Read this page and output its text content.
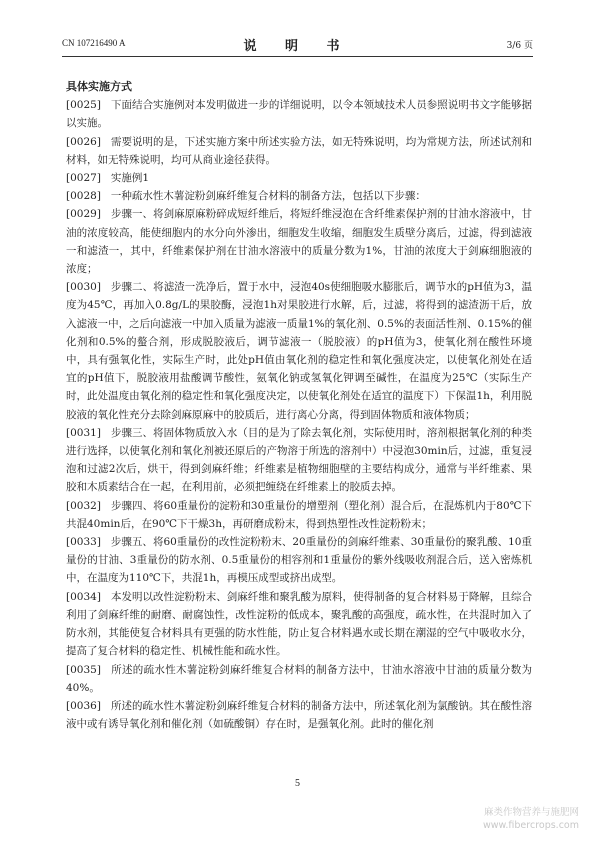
CN 107216490 A	说 明 书	3/6 页

具体实施方式

[0025] 下面结合实施例对本发明做进一步的详细说明，以令本领域技术人员参照说明书文字能够据以实施。

[0026] 需要说明的是，下述实施方案中所述实验方法，如无特殊说明，均为常规方法，所述试剂和材料，如无特殊说明，均可从商业途径获得。

[0027] 实施例1

[0028] 一种疏水性木薯淀粉剑麻纤维复合材料的制备方法，包括以下步骤：

[0029] 步骤一、将剑麻原麻粉碎成短纤维后，将短纤维浸泡在含纤维素保护剂的甘油水溶液中，甘油的浓度较高，能使细胞内的水分向外渗出，细胞发生收缩，细胞发生质壁分离后，过滤，得到滤液一和滤渣一，其中，纤维素保护剂在甘油水溶液中的质量分数为1%，甘油的浓度大于剑麻细胞液的浓度；

[0030] 步骤二、将滤渣一洗净后，置于水中，浸泡40s使细胞吸水膨胀后，调节水的pH值为3，温度为45℃，再加入0.8g/L的果胶酶，浸泡1h对果胶进行水解，后，过滤，将得到的滤渣沥干后，放入滤液一中，之后向滤液一中加入质量为滤液一质量1%的氧化剂、0.5%的表面活性剂、0.15%的催化剂和0.5%的螯合剂，形成脱胶液后，调节滤液一（脱胶液）的pH值为3，使氧化剂在酸性环境中，具有强氧化性，实际生产时，此处pH值由氧化剂的稳定性和氧化强度决定，以使氧化剂处在适宜的pH值下，脱胶液用盐酸调节酸性，氨氧化钠或氢氧化钾调至碱性，在温度为25℃（实际生产时，此处温度由氧化剂的稳定性和氧化强度决定，以使氧化剂处在适宜的温度下）下保温1h，利用脱胶液的氧化性充分去除剑麻原麻中的胶质后，进行离心分离，得到固体物质和液体物质；

[0031] 步骤三、将固体物质放入水（目的是为了除去氧化剂，实际使用时，溶剂根据氧化剂的种类进行选择，以使氧化剂和氧化剂被还原后的产物溶于所选的溶剂中）中浸泡30min后，过滤，重复浸泡和过滤2次后，烘干，得到剑麻纤维；纤维素是植物细胞壁的主要结构成分，通常与半纤维素、果胶和木质素结合在一起，在利用前，必须把缠绕在纤维素上的胶质去掉。

[0032] 步骤四、将60重量份的淀粉和30重量份的增塑剂（塑化剂）混合后，在混炼机内于80℃下共混40min后，在90℃下干燥3h，再研磨成粉末，得到热塑性改性淀粉粉末；

[0033] 步骤五、将60重量份的改性淀粉粉末、20重量份的剑麻纤维素、30重量份的聚乳酸、10重量份的甘油、3重量份的防水剂、0.5重量份的相容剂和1重量份的紫外线吸收剂混合后，送入密炼机中，在温度为110℃下，共混1h，再模压成型或挤出成型。

[0034] 本发明以改性淀粉粉末、剑麻纤维和聚乳酸为原料，使得制备的复合材料易于降解，且综合利用了剑麻纤维的耐磨、耐腐蚀性，改性淀粉的低成本，聚乳酸的高强度，疏水性，在共混时加入了防水剂，其能使复合材料具有更强的防水性能，防止复合材料遇水或长期在潮湿的空气中吸收水分，提高了复合材料的稳定性、机械性能和疏水性。

[0035] 所述的疏水性木薯淀粉剑麻纤维复合材料的制备方法中，甘油水溶液中甘油的质量分数为40%。

[0036] 所述的疏水性木薯淀粉剑麻纤维复合材料的制备方法中，所述氧化剂为氯酸钠。其在酸性溶液中或有诱导氧化剂和催化剂（如硫酸铜）存在时，是强氧化剂。此时的催化剂

5
麻类作物营养与施肥网
www.fibercrops.com
